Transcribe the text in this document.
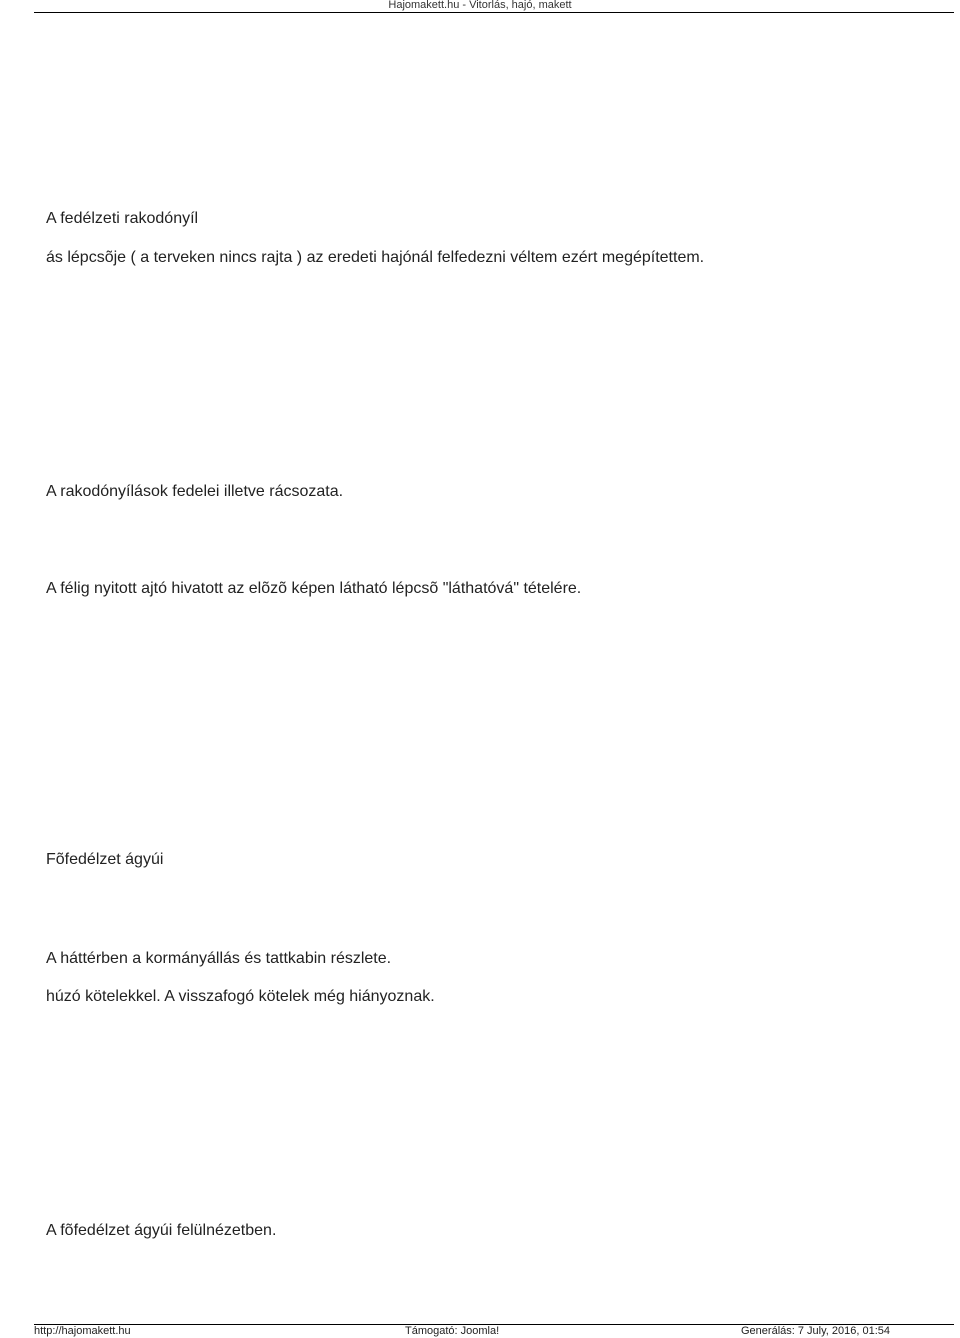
Hajomakett.hu - Vitorlás, hajó, makett
A fedélzeti rakodónyíl
ás lépcsõje ( a terveken nincs rajta ) az eredeti hajónál felfedezni véltem ezért megépítettem.
A rakodónyílások fedelei illetve rácsozata.
A félig nyitott ajtó hivatott az elõzõ képen látható lépcsõ "láthatóvá" tételére.
Fõfedélzet ágyúi
A háttérben a kormányállás és tattkabin részlete.
húzó kötelekkel. A visszafogó kötelek még hiányoznak.
A fõfedélzet ágyúi felülnézetben.
http://hajomakett.hu	Támogató: Joomla!	Generálás: 7 July, 2016, 01:54
